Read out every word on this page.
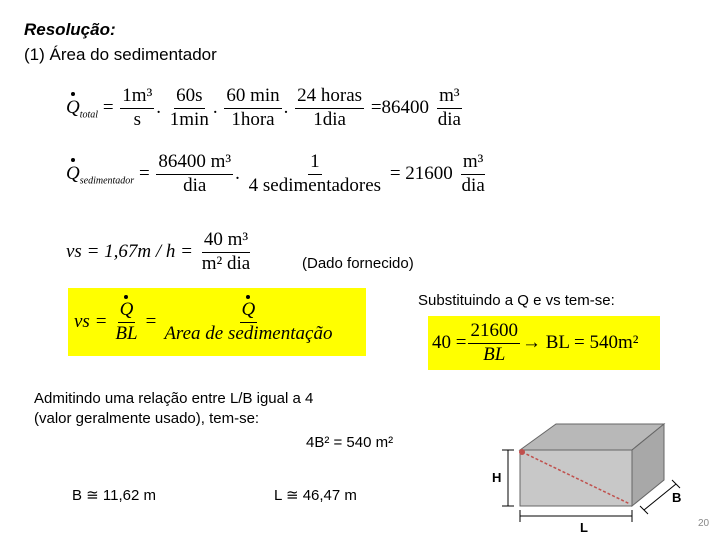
Resolução:
(1) Área do sedimentador
$Q_{total} = \frac{\text{1m³}}{s}$ . $\frac{60s}{1\min}$ . $\frac{60 \min}{\text{1hora}}$ . $\frac{\text{24 horas}}{\text{1dia}} =86400 \frac{\text{m³}}{\text{dia}}$
$Q_{sedimentador} = \frac{\text{86400 m³}}{\text{dia}}$ . $\frac{1}{\text{4 sedimentadores}} = 21600 \frac{\text{m³}}{\text{dia}}$
vs = $1,67m / h = \frac{\text{40 m³}}{\text{m² dia}}$	(Dado fornecido)
vs = $\frac{Q}{BL} = \frac{Q}{\text{Area de sedimentação}}$	Substituindo a Q e vs tem-se:
$40 = \frac{21600}{BL}$ → BL = 540m²
Admitindo uma relação entre L/B igual a 4
(valor geralmente usado), tem-se:
4B² = 540 m²
B ≅ 11,62 m	L ≅ 46,47 m
H
B
L	20
